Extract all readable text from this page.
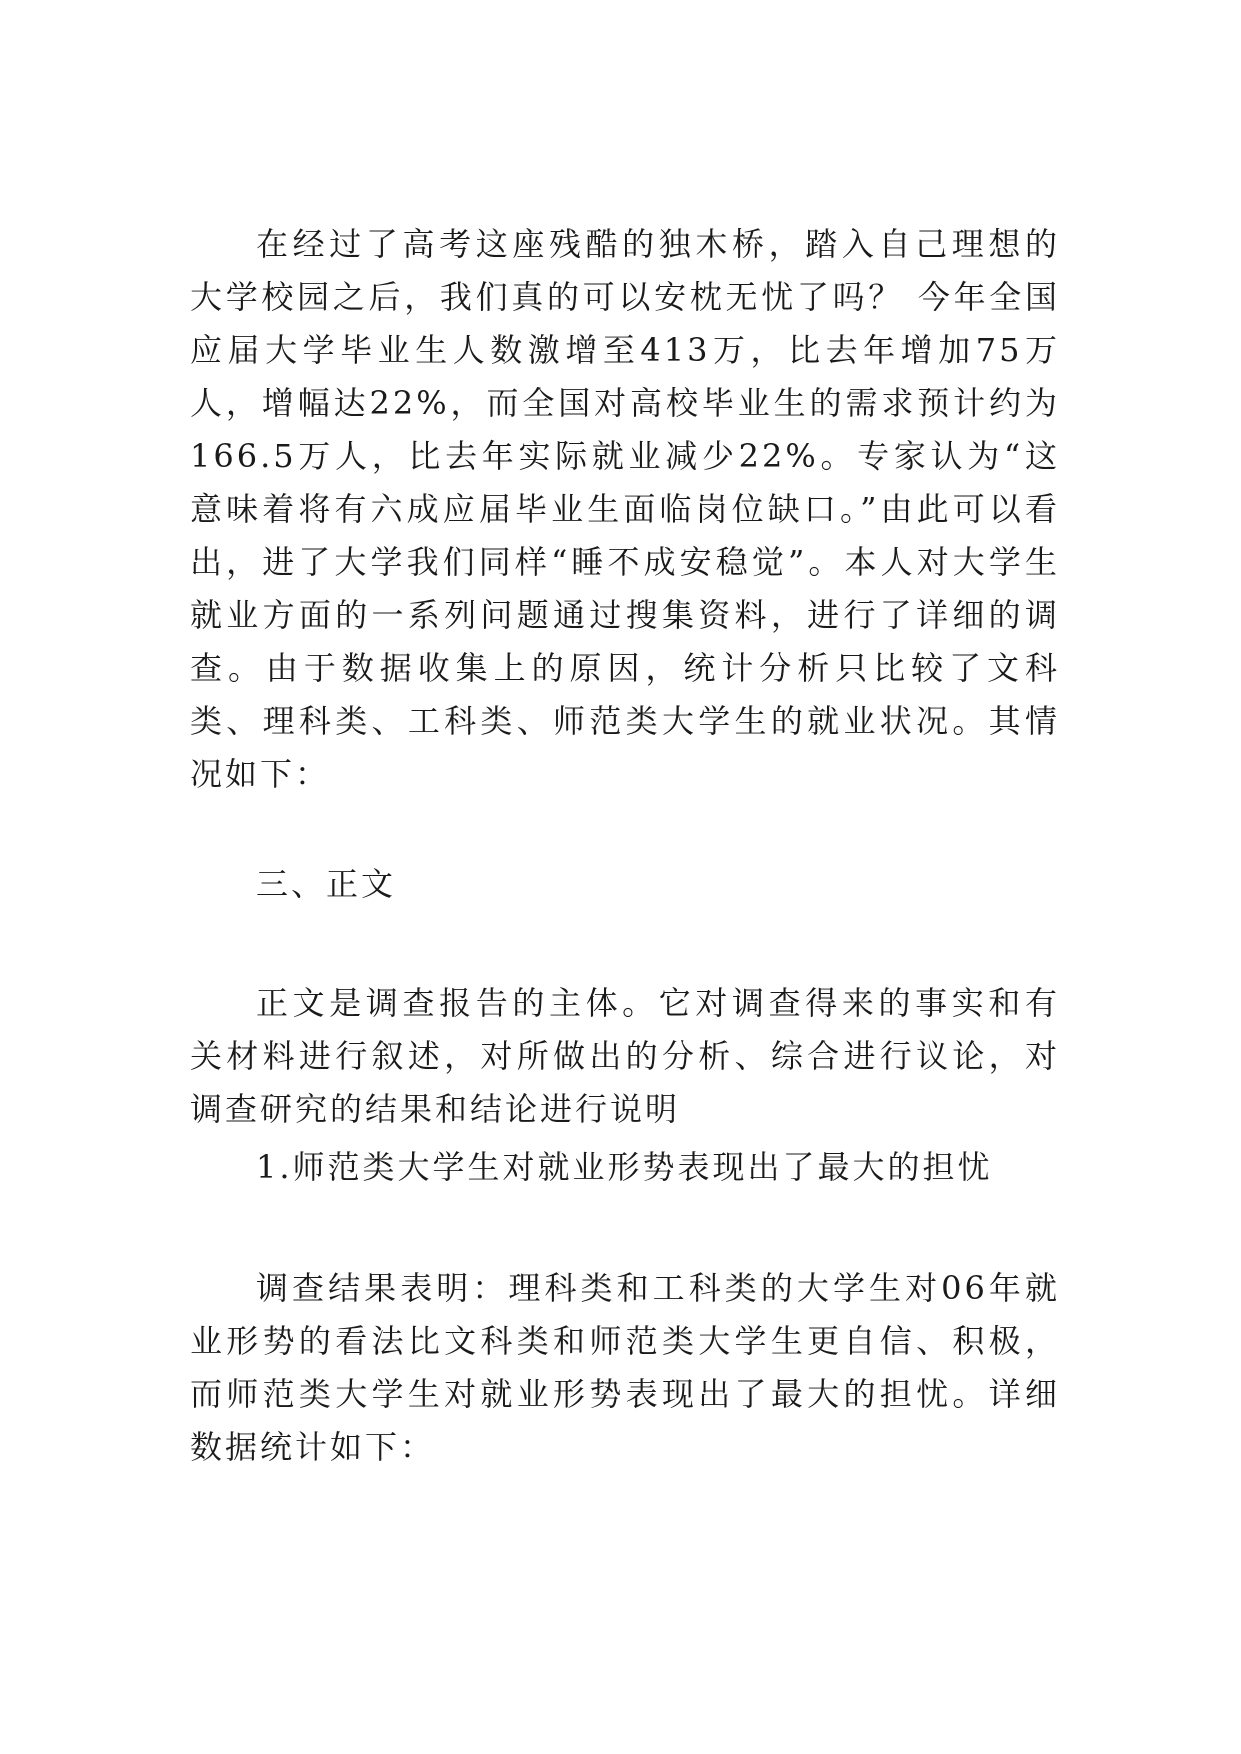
在经过了高考这座残酷的独木桥，踏入自己理想的大学校园之后，我们真的可以安枕无忧了吗？ 今年全国应届大学毕业生人数激增至413万，比去年增加75万人，增幅达22%，而全国对高校毕业生的需求预计约为166.5万人，比去年实际就业减少22%。专家认为“这意味着将有六成应届毕业生面临岗位缺口。”由此可以看出，进了大学我们同样“睡不成安稳觉”。本人对大学生就业方面的一系列问题通过搜集资料，进行了详细的调查。由于数据收集上的原因，统计分析只比较了文科类、理科类、工科类、师范类大学生的就业状况。其情况如下：

三、正文

正文是调查报告的主体。它对调查得来的事实和有关材料进行叙述，对所做出的分析、综合进行议论，对调查研究的结果和结论进行说明

1.师范类大学生对就业形势表现出了最大的担忧

调查结果表明：理科类和工科类的大学生对06年就业形势的看法比文科类和师范类大学生更自信、积极，而师范类大学生对就业形势表现出了最大的担忧。详细数据统计如下：
